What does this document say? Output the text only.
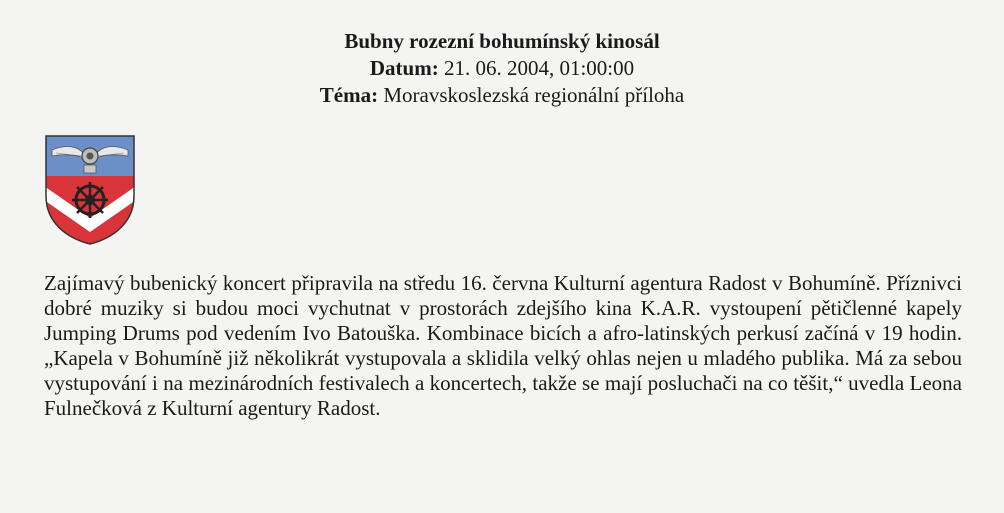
Bubny rozezní bohumínský kinosál
Datum: 21. 06. 2004, 01:00:00
Téma: Moravskoslezská regionální příloha
Zajímavý bubenický koncert připravila na středu 16. června Kulturní agentura Radost v Bohumíně. Příznivci dobré muziky si budou moci vychutnat v prostorách zdejšího kina K.A.R. vystoupení pětičlenné kapely Jumping Drums pod vedením Ivo Batouška. Kombinace bicích a afro-latinských perkusí začíná v 19 hodin. „Kapela v Bohumíně již několikrát vystupovala a sklidila velký ohlas nejen u mladého publika. Má za sebou vystupování i na mezinárodních festivalech a koncertech, takže se mají posluchači na co těšit,“ uvedla Leona Fulnečková z Kulturní agentury Radost.
